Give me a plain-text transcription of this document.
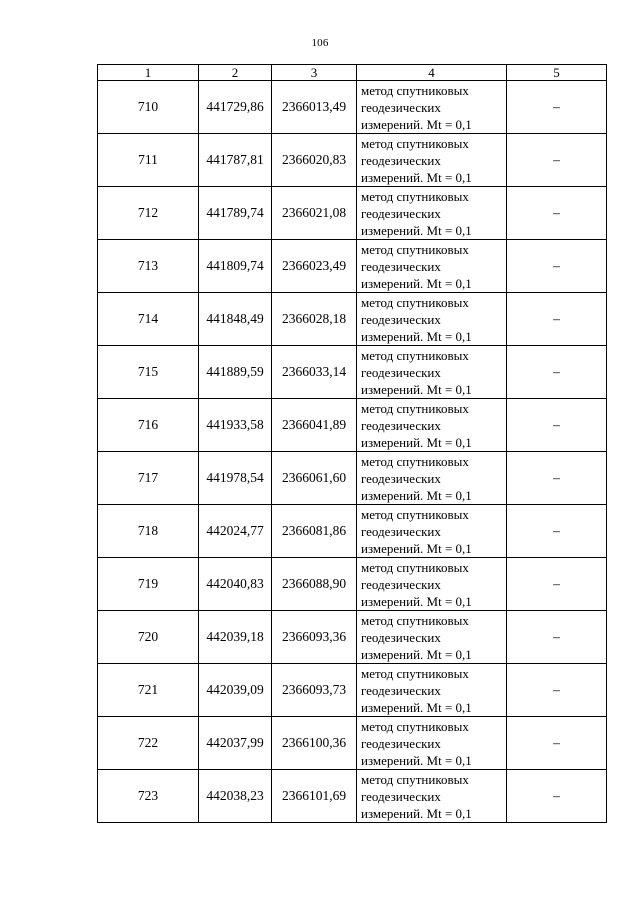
106
1	2	3	4	5
710	441729,86	2366013,49	метод спутниковых
геодезических
измерений. Mt = 0,1	–
711	441787,81	2366020,83	метод спутниковых
геодезических
измерений. Mt = 0,1	–
712	441789,74	2366021,08	метод спутниковых
геодезических
измерений. Mt = 0,1	–
713	441809,74	2366023,49	метод спутниковых
геодезических
измерений. Mt = 0,1	–
714	441848,49	2366028,18	метод спутниковых
геодезических
измерений. Mt = 0,1	–
715	441889,59	2366033,14	метод спутниковых
геодезических
измерений. Mt = 0,1	–
716	441933,58	2366041,89	метод спутниковых
геодезических
измерений. Mt = 0,1	–
717	441978,54	2366061,60	метод спутниковых
геодезических
измерений. Mt = 0,1	–
718	442024,77	2366081,86	метод спутниковых
геодезических
измерений. Mt = 0,1	–
719	442040,83	2366088,90	метод спутниковых
геодезических
измерений. Mt = 0,1	–
720	442039,18	2366093,36	метод спутниковых
геодезических
измерений. Mt = 0,1	–
721	442039,09	2366093,73	метод спутниковых
геодезических
измерений. Mt = 0,1	–
722	442037,99	2366100,36	метод спутниковых
геодезических
измерений. Mt = 0,1	–
723	442038,23	2366101,69	метод спутниковых
геодезических
измерений. Mt = 0,1	–
